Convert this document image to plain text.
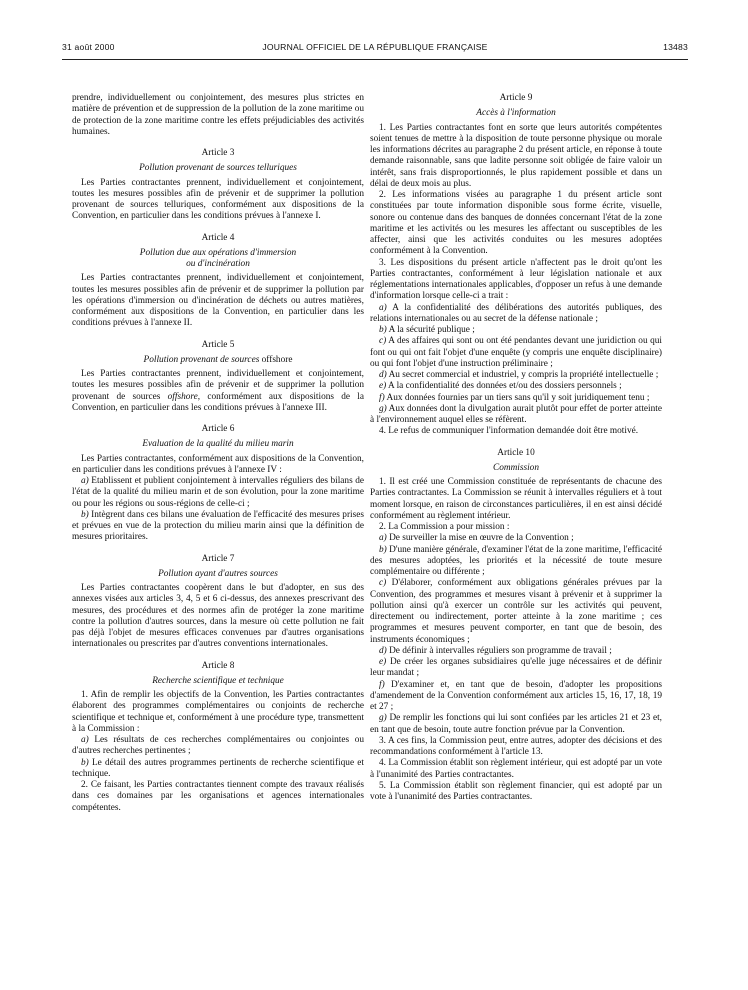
31 août 2000	JOURNAL OFFICIEL DE LA RÉPUBLIQUE FRANÇAISE	13483

prendre, individuellement ou conjointement, des mesures plus strictes en matière de prévention et de suppression de la pollution de la zone maritime ou de protection de la zone maritime contre les effets préjudiciables des activités humaines.

Article 3
Pollution provenant de sources telluriques

Les Parties contractantes prennent, individuellement et conjointement, toutes les mesures possibles afin de prévenir et de supprimer la pollution provenant de sources telluriques, conformément aux dispositions de la Convention, en particulier dans les conditions prévues à l'annexe I.

Article 4
Pollution due aux opérations d'immersion
ou d'incinération

Les Parties contractantes prennent, individuellement et conjointement, toutes les mesures possibles afin de prévenir et de supprimer la pollution par les opérations d'immersion ou d'incinération de déchets ou autres matières, conformément aux dispositions de la Convention, en particulier dans les conditions prévues à l'annexe II.

Article 5
Pollution provenant de sources offshore

Les Parties contractantes prennent, individuellement et conjointement, toutes les mesures possibles afin de prévenir et de supprimer la pollution provenant de sources offshore, conformément aux dispositions de la Convention, en particulier dans les conditions prévues à l'annexe III.

Article 6
Evaluation de la qualité du milieu marin

Les Parties contractantes, conformément aux dispositions de la Convention, en particulier dans les conditions prévues à l'annexe IV :

a) Etablissent et publient conjointement à intervalles réguliers des bilans de l'état de la qualité du milieu marin et de son évolution, pour la zone maritime ou pour les régions ou sous-régions de celle-ci ;

b) Intègrent dans ces bilans une évaluation de l'efficacité des mesures prises et prévues en vue de la protection du milieu marin ainsi que la définition de mesures prioritaires.

Article 7
Pollution ayant d'autres sources

Les Parties contractantes coopèrent dans le but d'adopter, en sus des annexes visées aux articles 3, 4, 5 et 6 ci-dessus, des annexes prescrivant des mesures, des procédures et des normes afin de protéger la zone maritime contre la pollution d'autres sources, dans la mesure où cette pollution ne fait pas déjà l'objet de mesures efficaces convenues par d'autres organisations internationales ou prescrites par d'autres conventions internationales.

Article 8
Recherche scientifique et technique

1. Afin de remplir les objectifs de la Convention, les Parties contractantes élaborent des programmes complémentaires ou conjoints de recherche scientifique et technique et, conformément à une procédure type, transmettent à la Commission :

a) Les résultats de ces recherches complémentaires ou conjointes ou d'autres recherches pertinentes ;

b) Le détail des autres programmes pertinents de recherche scientifique et technique.

2. Ce faisant, les Parties contractantes tiennent compte des travaux réalisés dans ces domaines par les organisations et agences internationales compétentes.

Article 9
Accès à l'information

1. Les Parties contractantes font en sorte que leurs autorités compétentes soient tenues de mettre à la disposition de toute personne physique ou morale les informations décrites au paragraphe 2 du présent article, en réponse à toute demande raisonnable, sans que ladite personne soit obligée de faire valoir un intérêt, sans frais disproportionnés, le plus rapidement possible et dans un délai de deux mois au plus.

2. Les informations visées au paragraphe 1 du présent article sont constituées par toute information disponible sous forme écrite, visuelle, sonore ou contenue dans des banques de données concernant l'état de la zone maritime et les activités ou les mesures les affectant ou susceptibles de les affecter, ainsi que les activités conduites ou les mesures adoptées conformément à la Convention.

3. Les dispositions du présent article n'affectent pas le droit qu'ont les Parties contractantes, conformément à leur législation nationale et aux réglementations internationales applicables, d'opposer un refus à une demande d'information lorsque celle-ci a trait :

a) A la confidentialité des délibérations des autorités publiques, des relations internationales ou au secret de la défense nationale ;

b) A la sécurité publique ;

c) A des affaires qui sont ou ont été pendantes devant une juridiction ou qui font ou qui ont fait l'objet d'une enquête (y compris une enquête disciplinaire) ou qui font l'objet d'une instruction préliminaire ;

d) Au secret commercial et industriel, y compris la propriété intellectuelle ;

e) A la confidentialité des données et/ou des dossiers personnels ;

f) Aux données fournies par un tiers sans qu'il y soit juridiquement tenu ;

g) Aux données dont la divulgation aurait plutôt pour effet de porter atteinte à l'environnement auquel elles se réfèrent.

4. Le refus de communiquer l'information demandée doit être motivé.

Article 10
Commission

1. Il est créé une Commission constituée de représentants de chacune des Parties contractantes. La Commission se réunit à intervalles réguliers et à tout moment lorsque, en raison de circonstances particulières, il en est ainsi décidé conformément au règlement intérieur.

2. La Commission a pour mission :

a) De surveiller la mise en œuvre de la Convention ;

b) D'une manière générale, d'examiner l'état de la zone maritime, l'efficacité des mesures adoptées, les priorités et la nécessité de toute mesure complémentaire ou différente ;

c) D'élaborer, conformément aux obligations générales prévues par la Convention, des programmes et mesures visant à prévenir et à supprimer la pollution ainsi qu'à exercer un contrôle sur les activités qui peuvent, directement ou indirectement, porter atteinte à la zone maritime ; ces programmes et mesures peuvent comporter, en tant que de besoin, des instruments économiques ;

d) De définir à intervalles réguliers son programme de travail ;

e) De créer les organes subsidiaires qu'elle juge nécessaires et de définir leur mandat ;

f) D'examiner et, en tant que de besoin, d'adopter les propositions d'amendement de la Convention conformément aux articles 15, 16, 17, 18, 19 et 27 ;

g) De remplir les fonctions qui lui sont confiées par les articles 21 et 23 et, en tant que de besoin, toute autre fonction prévue par la Convention.

3. A ces fins, la Commission peut, entre autres, adopter des décisions et des recommandations conformément à l'article 13.

4. La Commission établit son règlement intérieur, qui est adopté par un vote à l'unanimité des Parties contractantes.

5. La Commission établit son règlement financier, qui est adopté par un vote à l'unanimité des Parties contractantes.
